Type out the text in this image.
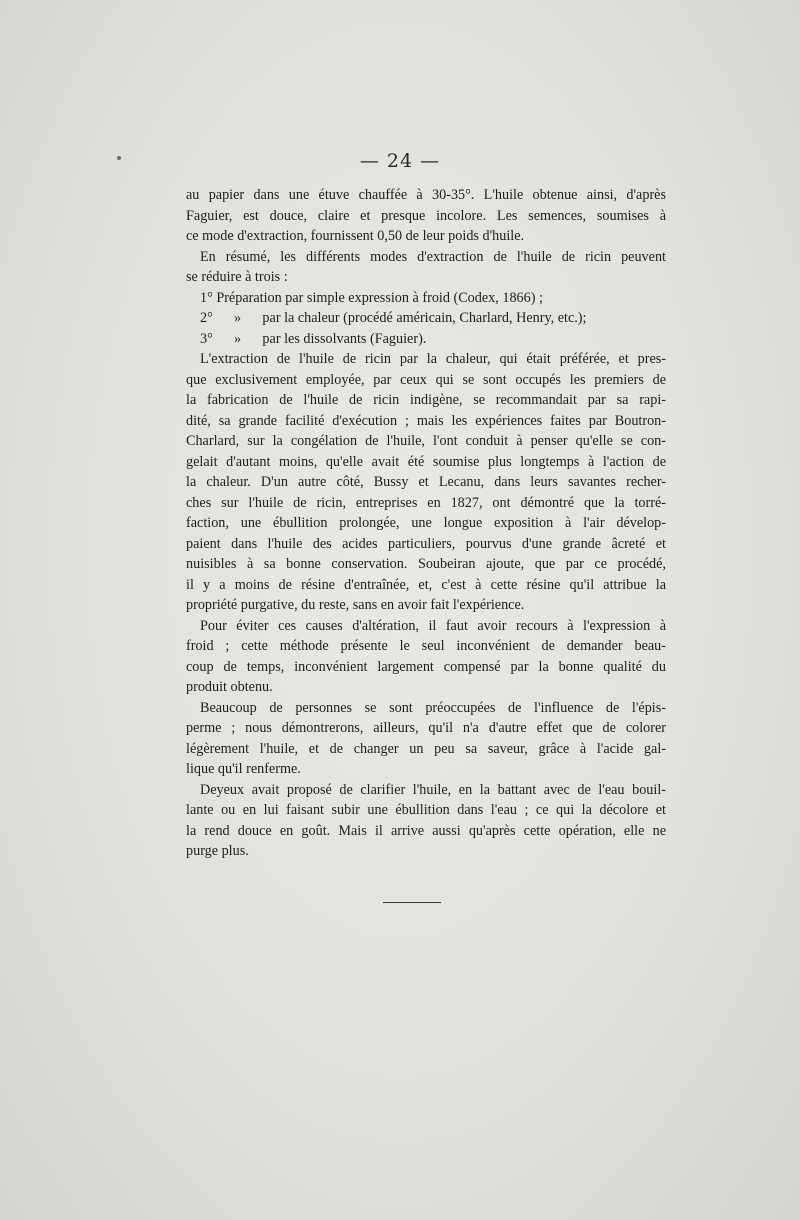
— 24 —
au papier dans une étuve chauffée à 30-35°. L'huile obtenue ainsi, d'après
Faguier, est douce, claire et presque incolore. Les semences, soumises à
ce mode d'extraction, fournissent 0,50 de leur poids d'huile.
En résumé, les différents modes d'extraction de l'huile de ricin peuvent
se réduire à trois :
1° Préparation par simple expression à froid (Codex, 1866) ;
2°      »      par la chaleur (procédé américain, Charlard, Henry, etc.);
3°      »      par les dissolvants (Faguier).
L'extraction de l'huile de ricin par la chaleur, qui était préférée, et pres-
que exclusivement employée, par ceux qui se sont occupés les premiers de
la fabrication de l'huile de ricin indigène, se recommandait par sa rapi-
dité, sa grande facilité d'exécution ; mais les expériences faites par Boutron-
Charlard, sur la congélation de l'huile, l'ont conduit à penser qu'elle se con-
gelait d'autant moins, qu'elle avait été soumise plus longtemps à l'action de
la chaleur. D'un autre côté, Bussy et Lecanu, dans leurs savantes recher-
ches sur l'huile de ricin, entreprises en 1827, ont démontré que la torré-
faction, une ébullition prolongée, une longue exposition à l'air dévelop-
paient dans l'huile des acides particuliers, pourvus d'une grande âcreté et
nuisibles à sa bonne conservation. Soubeiran ajoute, que par ce procédé,
il y a moins de résine d'entraînée, et, c'est à cette résine qu'il attribue la
propriété purgative, du reste, sans en avoir fait l'expérience.
Pour éviter ces causes d'altération, il faut avoir recours à l'expression à
froid ; cette méthode présente le seul inconvénient de demander beau-
coup de temps, inconvénient largement compensé par la bonne qualité du
produit obtenu.
Beaucoup de personnes se sont préoccupées de l'influence de l'épis-
perme ; nous démontrerons, ailleurs, qu'il n'a d'autre effet que de colorer
légèrement l'huile, et de changer un peu sa saveur, grâce à l'acide gal-
lique qu'il renferme.
Deyeux avait proposé de clarifier l'huile, en la battant avec de l'eau bouil-
lante ou en lui faisant subir une ébullition dans l'eau ; ce qui la décolore et
la rend douce en goût. Mais il arrive aussi qu'après cette opération, elle ne
purge plus.
